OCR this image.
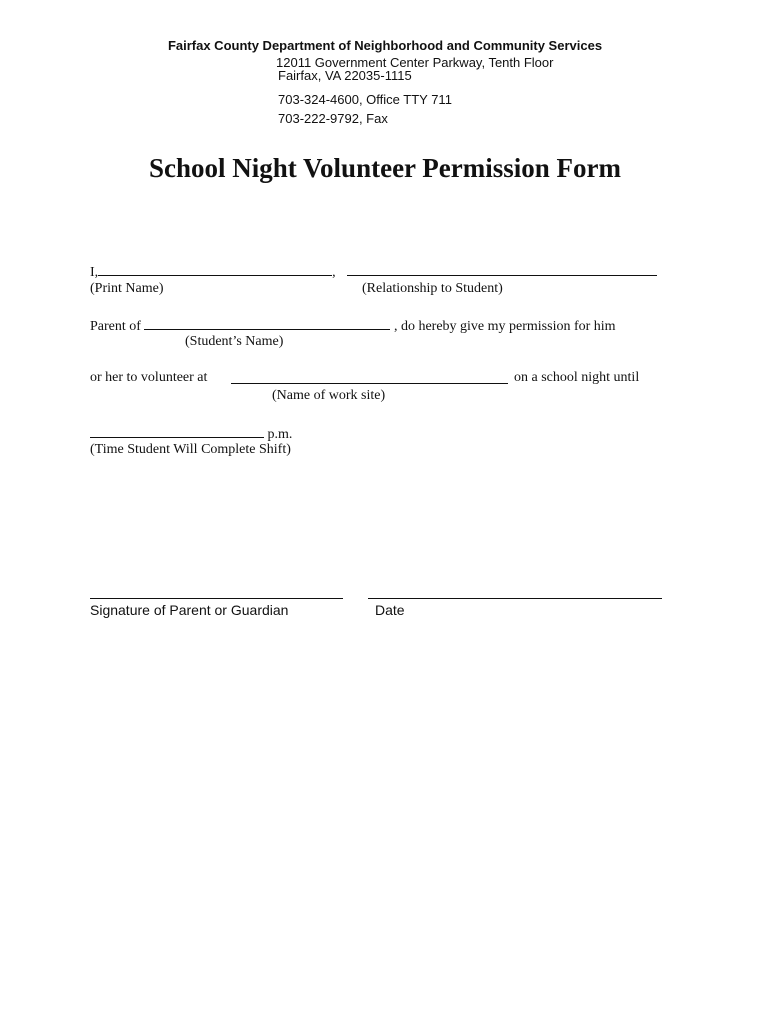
Fairfax County Department of Neighborhood and Community Services
12011 Government Center Parkway, Tenth Floor
Fairfax, VA 22035-1115
703-324-4600, Office TTY 711
703-222-9792, Fax
School Night Volunteer Permission Form
I,	,
(Print Name)	(Relationship to Student)
Parent of	, do hereby give my permission for him
(Student’s Name)
or her to volunteer at	on a school night until
(Name of work site)
p.m.
(Time Student Will Complete Shift)
Signature of Parent or Guardian	Date
